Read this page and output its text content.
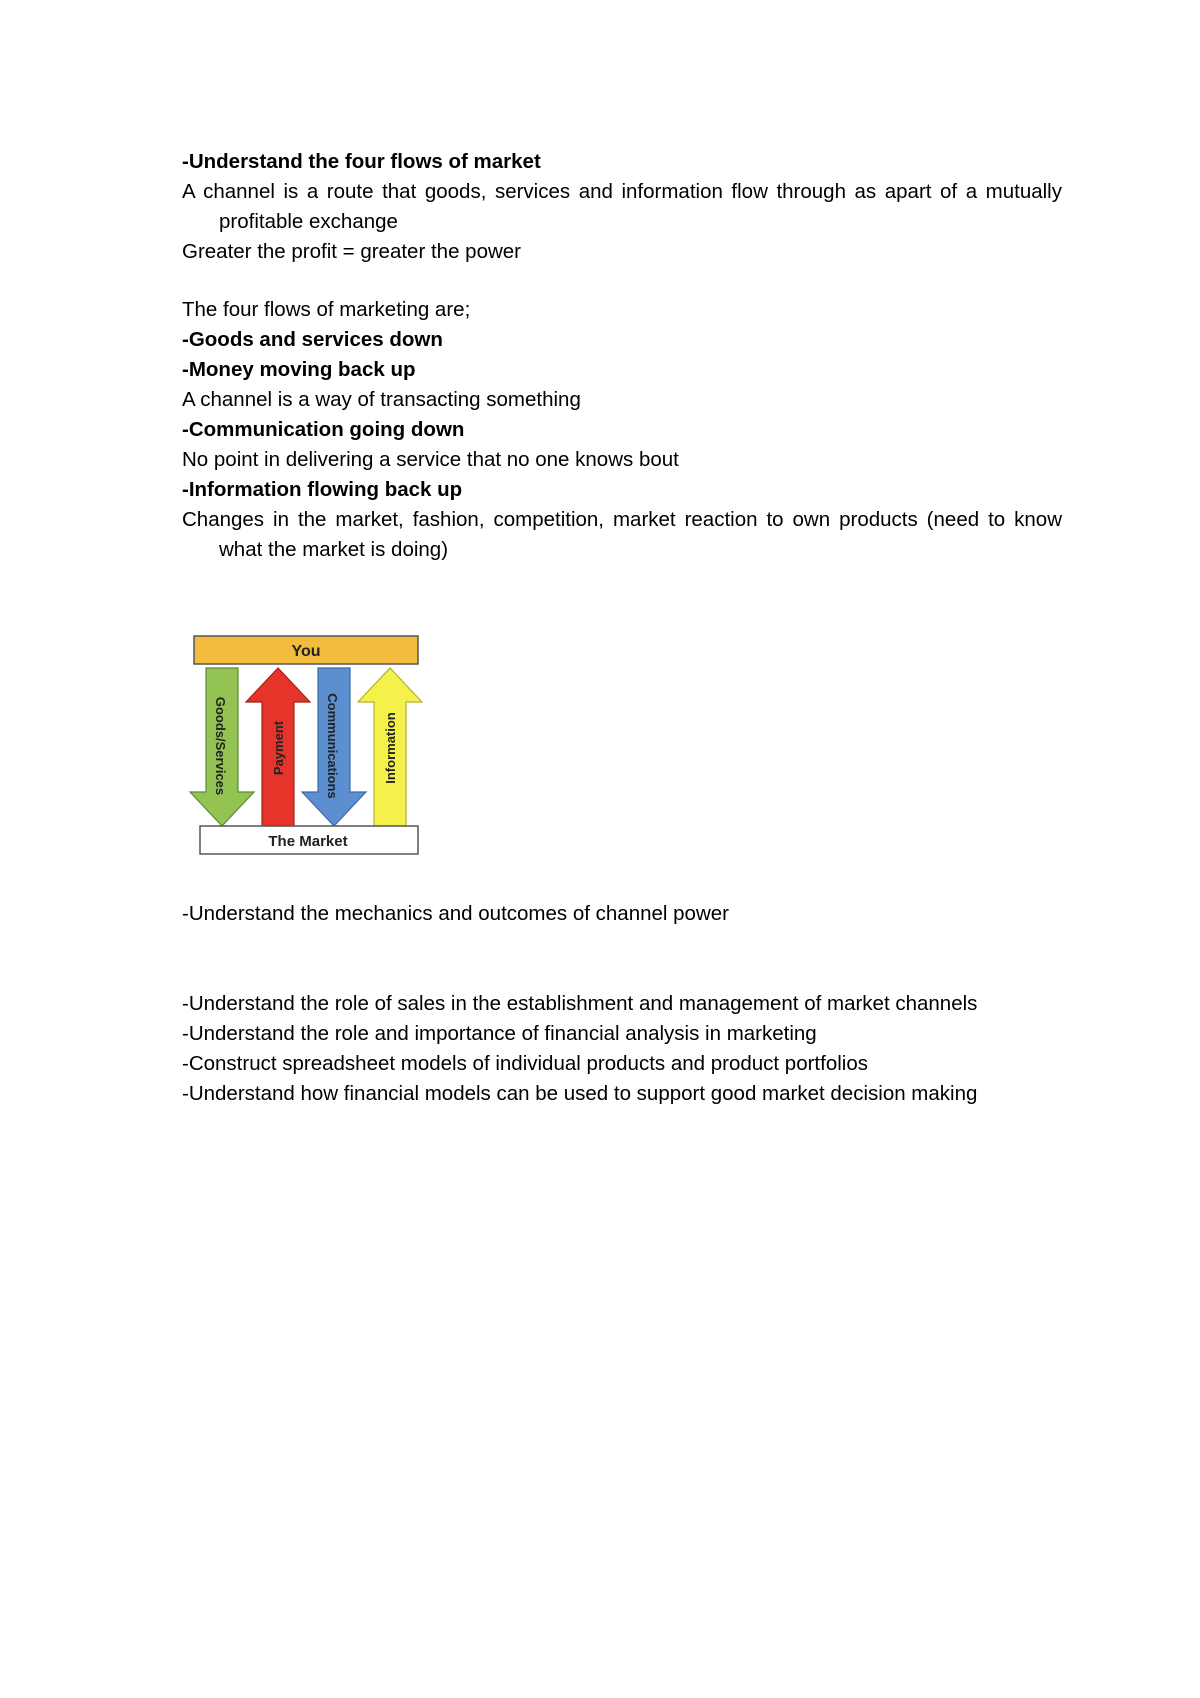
-Understand the four flows of market
A channel is a route that goods, services and information flow through as apart of a mutually profitable exchange
Greater the profit = greater the power
The four flows of marketing are;
-Goods and services down
-Money moving back up
A channel is a way of transacting something
-Communication going down
No point in delivering a service that no one knows bout
-Information flowing back up
Changes in the market, fashion, competition, market reaction to own products (need to know what the market is doing)
You
Goods/Services	Payment	Communications	Information
The Market
-Understand the mechanics and outcomes of channel power
-Understand the role of sales in the establishment and management of market channels
-Understand the role and importance of financial analysis in marketing
-Construct spreadsheet models of individual products and product portfolios
-Understand how financial models can be used to support good market decision making
